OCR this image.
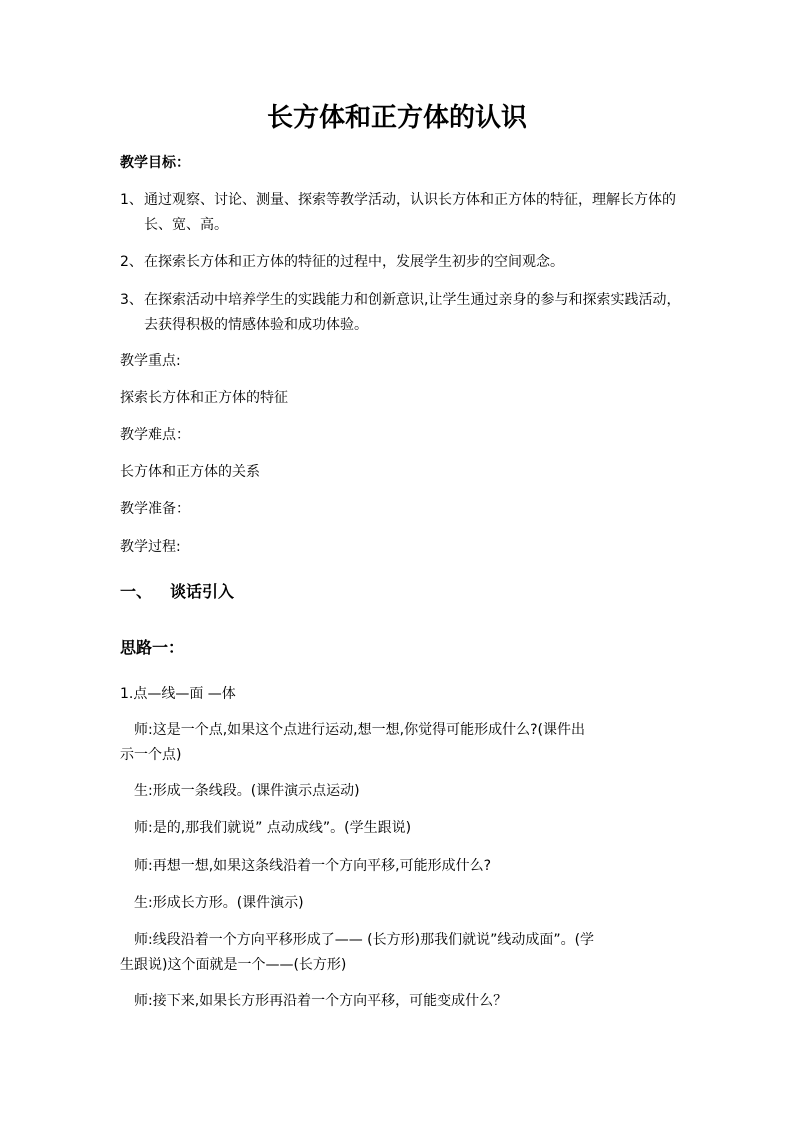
长方体和正方体的认识
教学目标：
1、 通过观察、讨论、测量、探索等教学活动，认识长方体和正方体的特征，理解长方体的
长、宽、高。
2、 在探索长方体和正方体的特征的过程中，发展学生初步的空间观念。
3、 在探索活动中培养学生的实践能力和创新意识,让学生通过亲身的参与和探索实践活动，
去获得积极的情感体验和成功体验。
教学重点:
探索长方体和正方体的特征
教学难点：
长方体和正方体的关系
教学准备：
教学过程:
一、 谈话引入
思路一：
1.点—线—面 —体
师:这是一个点,如果这个点进行运动,想一想,你觉得可能形成什么?(课件出
示一个点)
生:形成一条线段。(课件演示点运动)
师:是的,那我们就说” 点动成线”。(学生跟说)
师:再想一想,如果这条线沿着一个方向平移,可能形成什么?
生:形成长方形。(课件演示)
师:线段沿着一个方向平移形成了—— (长方形)那我们就说”线动成面”。(学
生跟说)这个面就是一个——(长方形)
师:接下来,如果长方形再沿着一个方向平移，可能变成什么？
